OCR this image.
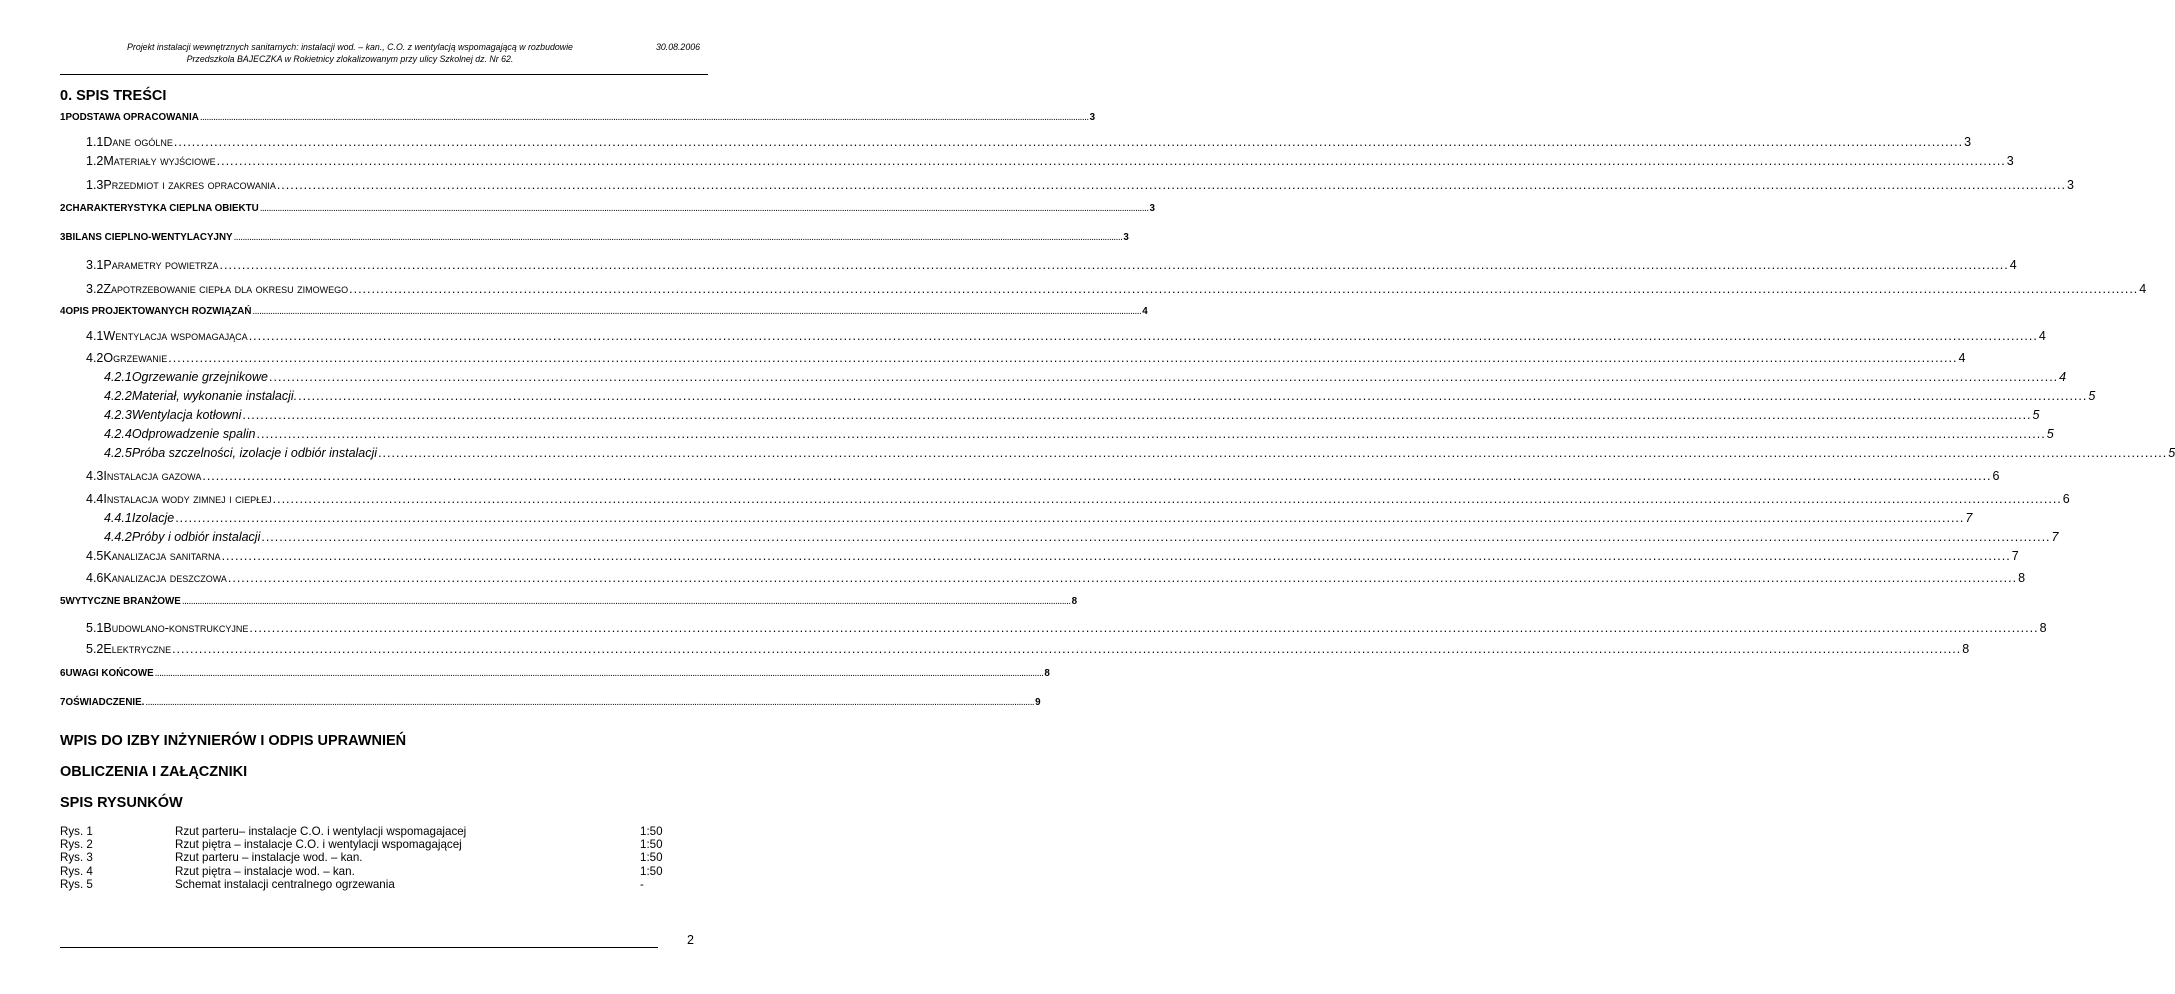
Projekt instalacji wewnętrznych sanitarnych: instalacji wod. – kan., C.O. z wentylacją wspomagającą w rozbudowie
Przedszkola BAJECZKA w Rokietnicy zlokalizowanym przy ulicy Szkolnej dz. Nr 62.
30.08.2006
0. SPIS TREŚCI
1 PODSTAWA OPRACOWANIA ................................................................................................................................................................................................................................................................................................................................................................................................................ 3
1.1 Dane ogólne ................................................................................................................................................................................................................................................................................................................................................................................................................ 3
1.2 Materiały wyjściowe ................................................................................................................................................................................................................................................................................................................................................................................................................ 3
1.3 Przedmiot i zakres opracowania ................................................................................................................................................................................................................................................................................................................................................................................................................ 3
2 CHARAKTERYSTYKA CIEPLNA OBIEKTU ................................................................................................................................................................................................................................................................................................................................................................................................................ 3
3 BILANS CIEPLNO-WENTYLACYJNY ................................................................................................................................................................................................................................................................................................................................................................................................................ 3
3.1 Parametry powietrza ................................................................................................................................................................................................................................................................................................................................................................................................................ 4
3.2 Zapotrzebowanie ciepła dla okresu zimowego ................................................................................................................................................................................................................................................................................................................................................................................................................ 4
4 OPIS PROJEKTOWANYCH ROZWIĄZAŃ ................................................................................................................................................................................................................................................................................................................................................................................................................ 4
4.1 Wentylacja wspomagająca ................................................................................................................................................................................................................................................................................................................................................................................................................ 4
4.2 Ogrzewanie ................................................................................................................................................................................................................................................................................................................................................................................................................ 4
4.2.1 Ogrzewanie grzejnikowe ................................................................................................................................................................................................................................................................................................................................................................................................................ 4
4.2.2 Materiał, wykonanie instalacji. ................................................................................................................................................................................................................................................................................................................................................................................................................ 5
4.2.3 Wentylacja kotłowni ................................................................................................................................................................................................................................................................................................................................................................................................................ 5
4.2.4 Odprowadzenie spalin ................................................................................................................................................................................................................................................................................................................................................................................................................ 5
4.2.5 Próba szczelności, izolacje i odbiór instalacji ................................................................................................................................................................................................................................................................................................................................................................................................................ 5
4.3 Instalacja gazowa ................................................................................................................................................................................................................................................................................................................................................................................................................ 6
4.4 Instalacja wody zimnej i ciepłej ................................................................................................................................................................................................................................................................................................................................................................................................................ 6
4.4.1 Izolacje ................................................................................................................................................................................................................................................................................................................................................................................................................ 7
4.4.2 Próby i odbiór instalacji ................................................................................................................................................................................................................................................................................................................................................................................................................ 7
4.5 Kanalizacja sanitarna ................................................................................................................................................................................................................................................................................................................................................................................................................ 7
4.6 Kanalizacja deszczowa ................................................................................................................................................................................................................................................................................................................................................................................................................ 8
5 WYTYCZNE BRANŻOWE ................................................................................................................................................................................................................................................................................................................................................................................................................ 8
5.1 Budowlano-konstrukcyjne ................................................................................................................................................................................................................................................................................................................................................................................................................ 8
5.2 Elektryczne ................................................................................................................................................................................................................................................................................................................................................................................................................ 8
6 UWAGI KOŃCOWE ................................................................................................................................................................................................................................................................................................................................................................................................................ 8
7 OŚWIADCZENIE. ................................................................................................................................................................................................................................................................................................................................................................................................................ 9
WPIS DO IZBY INŻYNIERÓW I ODPIS UPRAWNIEŃ
OBLICZENIA I ZAŁĄCZNIKI
SPIS RYSUNKÓW
Rys. 1	Rzut parteru– instalacje C.O. i wentylacji wspomagajacej	1:50
Rys. 2	Rzut piętra – instalacje C.O. i wentylacji wspomagającej	1:50
Rys. 3	Rzut parteru – instalacje wod. – kan.	1:50
Rys. 4	Rzut piętra – instalacje wod. – kan.	1:50
Rys. 5	Schemat instalacji centralnego ogrzewania	-
2
